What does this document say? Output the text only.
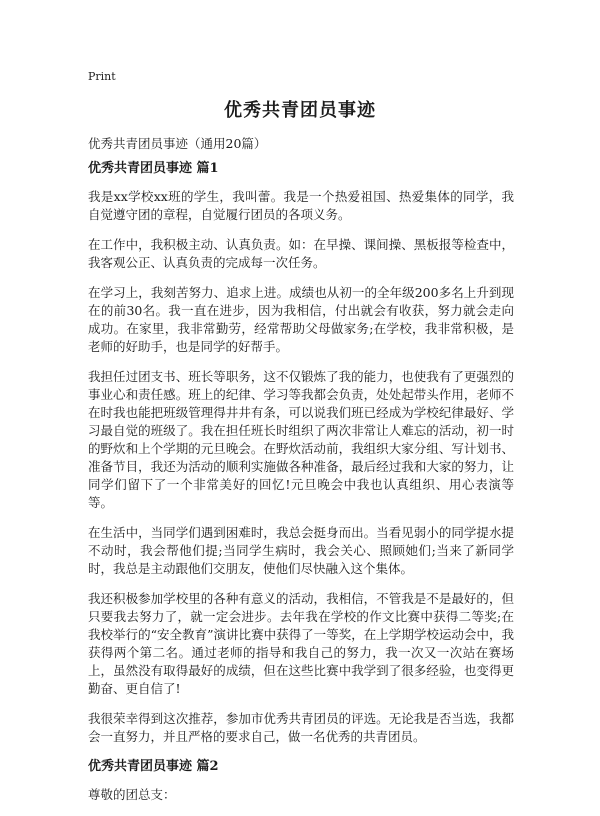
Print
优秀共青团员事迹
优秀共青团员事迹（通用20篇）
优秀共青团员事迹 篇1

我是xx学校xx班的学生，我叫蕾。我是一个热爱祖国、热爱集体的同学，我自觉遵守团的章程，自觉履行团员的各项义务。

在工作中，我积极主动、认真负责。如：在早操、课间操、黑板报等检查中，我客观公正、认真负责的完成每一次任务。

在学习上，我刻苦努力、追求上进。成绩也从初一的全年级200多名上升到现在的前30名。我一直在进步，因为我相信，付出就会有收获，努力就会走向成功。在家里，我非常勤劳，经常帮助父母做家务;在学校，我非常积极，是老师的好助手，也是同学的好帮手。

我担任过团支书、班长等职务，这不仅锻炼了我的能力，也使我有了更强烈的事业心和责任感。班上的纪律、学习等我都会负责，处处起带头作用，老师不在时我也能把班级管理得井井有条，可以说我们班已经成为学校纪律最好、学习最自觉的班级了。我在担任班长时组织了两次非常让人难忘的活动，初一时的野炊和上个学期的元旦晚会。在野炊活动前，我组织大家分组、写计划书、准备节目，我还为活动的顺利实施做各种准备，最后经过我和大家的努力，让同学们留下了一个非常美好的回忆!元旦晚会中我也认真组织、用心表演等等。

在生活中，当同学们遇到困难时，我总会挺身而出。当看见弱小的同学提水提不动时，我会帮他们提;当同学生病时，我会关心、照顾她们;当来了新同学时，我总是主动跟他们交朋友，使他们尽快融入这个集体。

我还积极参加学校里的各种有意义的活动，我相信，不管我是不是最好的，但只要我去努力了，就一定会进步。去年我在学校的作文比赛中获得二等奖;在我校举行的“安全教育”演讲比赛中获得了一等奖，在上学期学校运动会中，我获得两个第二名。通过老师的指导和我自己的努力，我一次又一次站在赛场上，虽然没有取得最好的成绩，但在这些比赛中我学到了很多经验，也变得更勤奋、更自信了!

我很荣幸得到这次推荐，参加市优秀共青团员的评选。无论我是否当选，我都会一直努力，并且严格的要求自己，做一名优秀的共青团员。

优秀共青团员事迹 篇2

尊敬的团总支：
